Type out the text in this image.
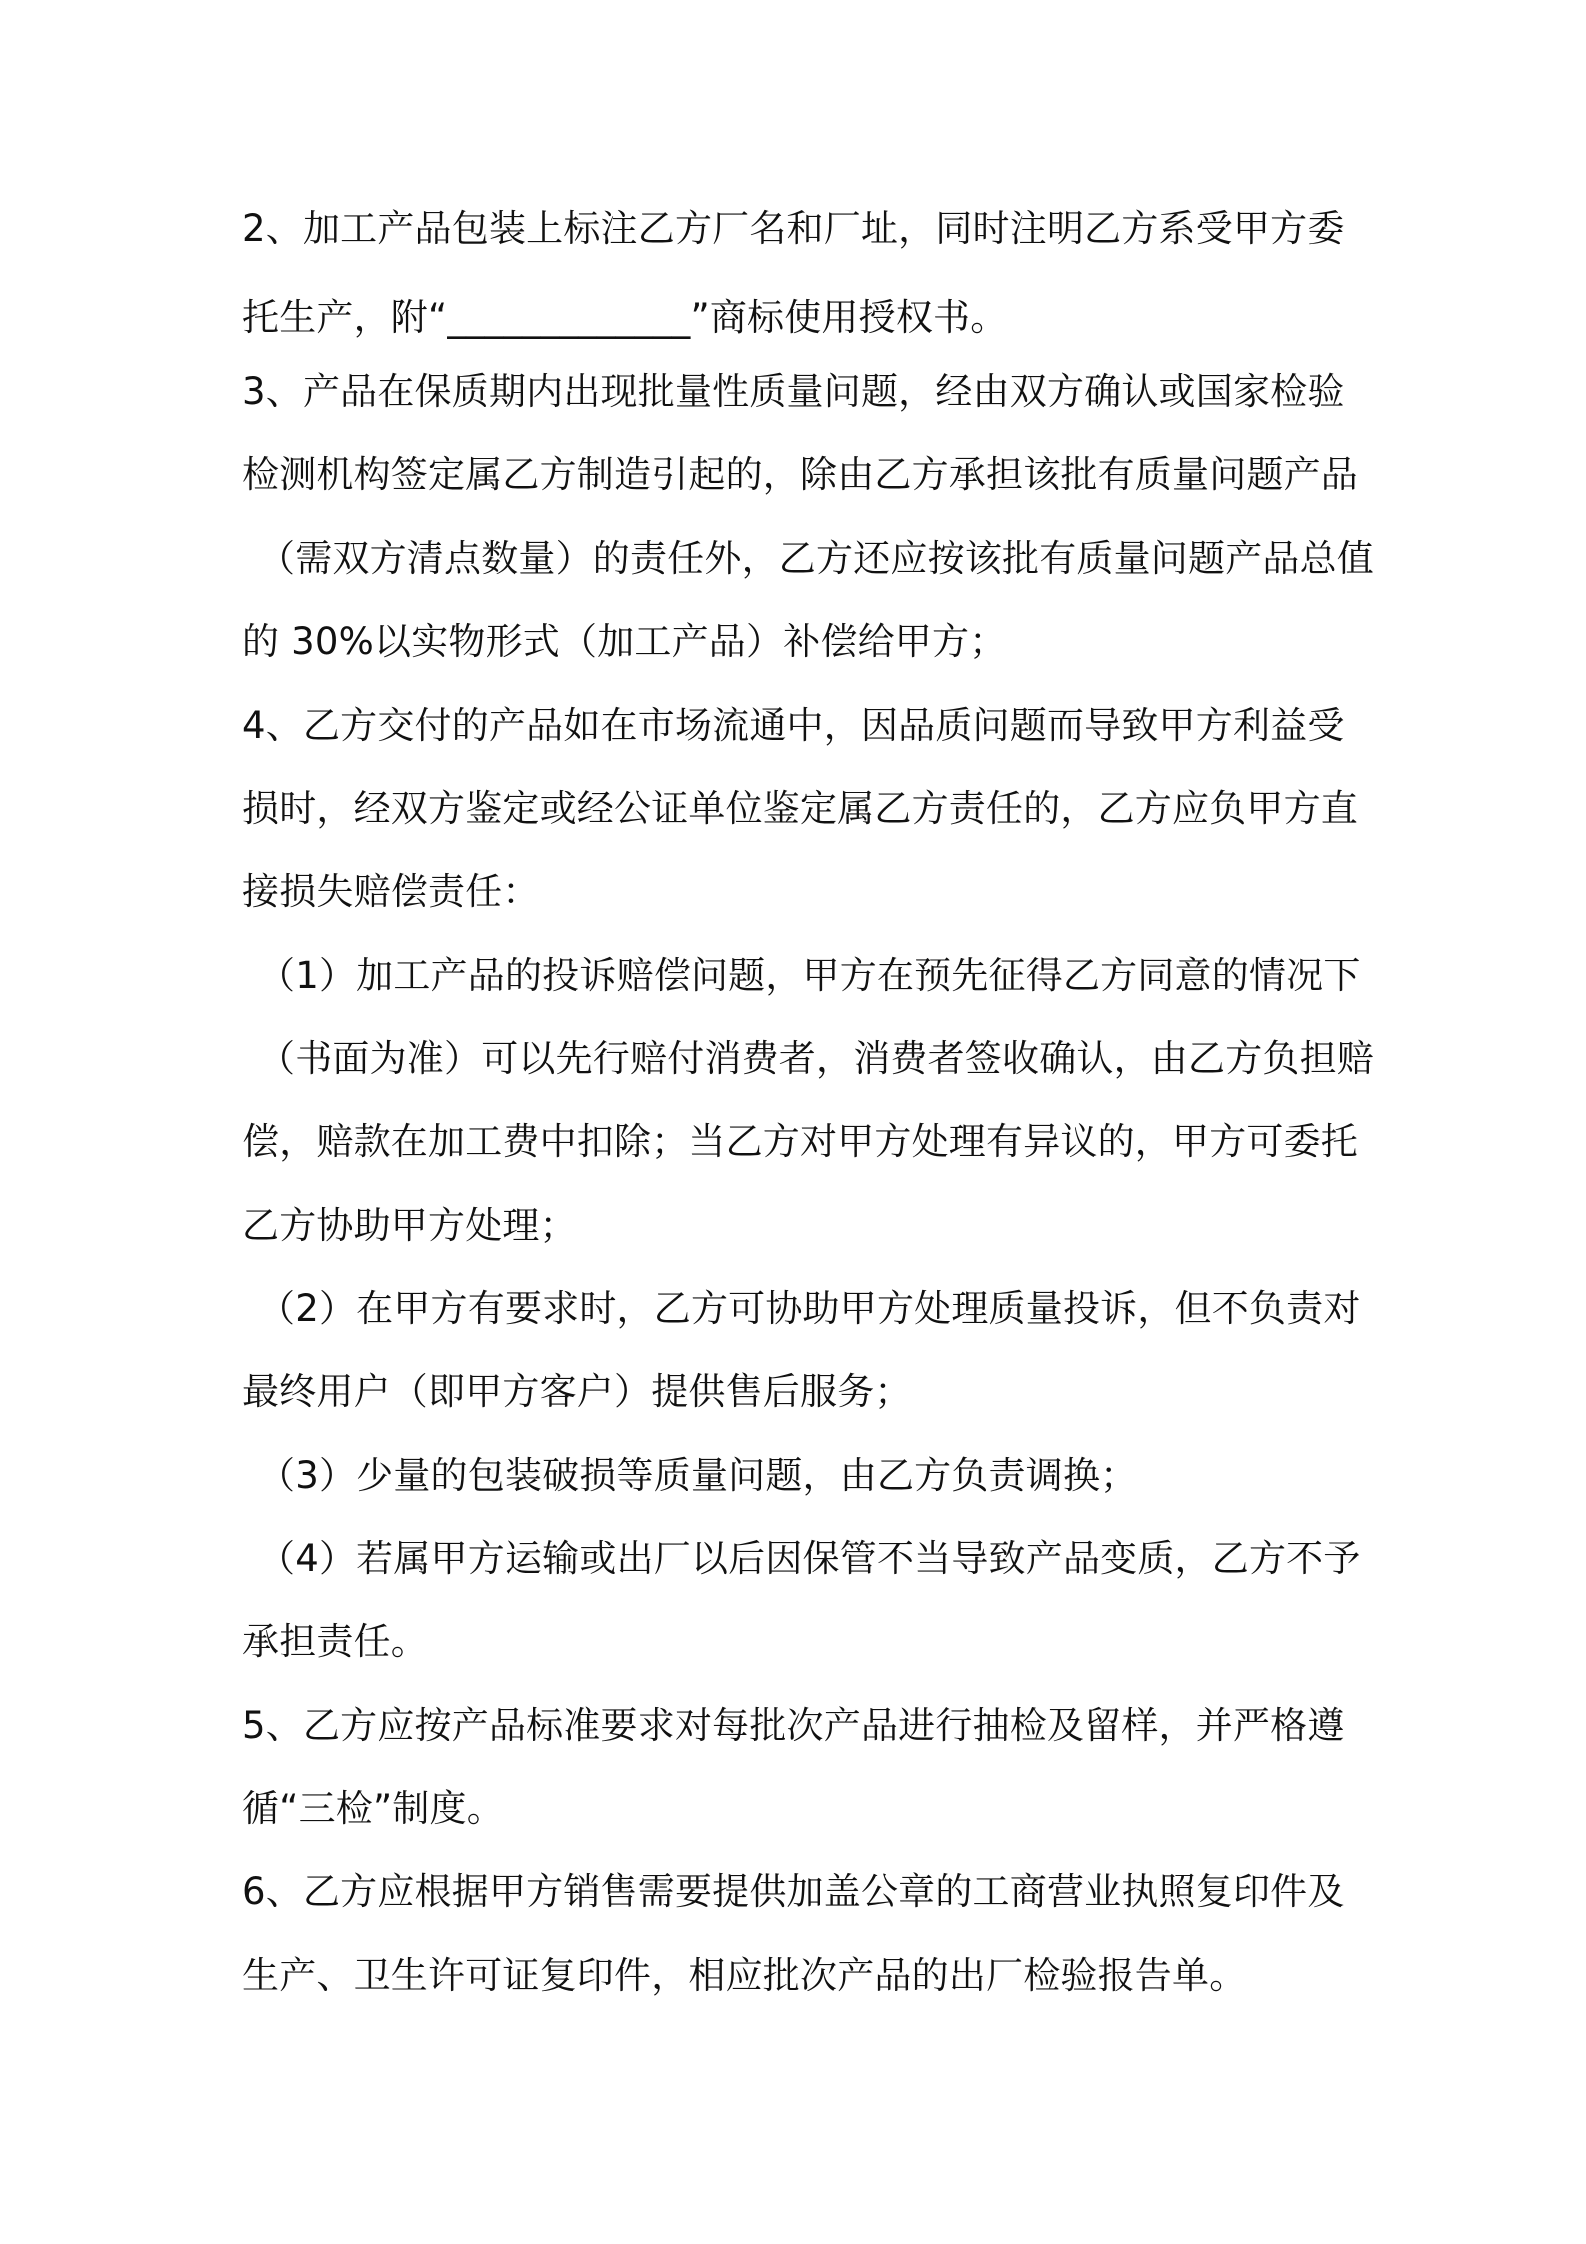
2、加工产品包装上标注乙方厂名和厂址，同时注明乙方系受甲方委
托生产，附“_____________”商标使用授权书。
3、产品在保质期内出现批量性质量问题，经由双方确认或国家检验
检测机构签定属乙方制造引起的，除由乙方承担该批有质量问题产品
（需双方清点数量）的责任外，乙方还应按该批有质量问题产品总值
的 30%以实物形式（加工产品）补偿给甲方；
4、乙方交付的产品如在市场流通中，因品质问题而导致甲方利益受
损时，经双方鉴定或经公证单位鉴定属乙方责任的，乙方应负甲方直
接损失赔偿责任：
（1）加工产品的投诉赔偿问题，甲方在预先征得乙方同意的情况下
（书面为准）可以先行赔付消费者，消费者签收确认，由乙方负担赔
偿，赔款在加工费中扣除；当乙方对甲方处理有异议的，甲方可委托
乙方协助甲方处理；
（2）在甲方有要求时，乙方可协助甲方处理质量投诉，但不负责对
最终用户（即甲方客户）提供售后服务；
（3）少量的包装破损等质量问题，由乙方负责调换；
（4）若属甲方运输或出厂以后因保管不当导致产品变质，乙方不予
承担责任。
5、乙方应按产品标准要求对每批次产品进行抽检及留样，并严格遵
循“三检”制度。
6、乙方应根据甲方销售需要提供加盖公章的工商营业执照复印件及
生产、卫生许可证复印件，相应批次产品的出厂检验报告单。
